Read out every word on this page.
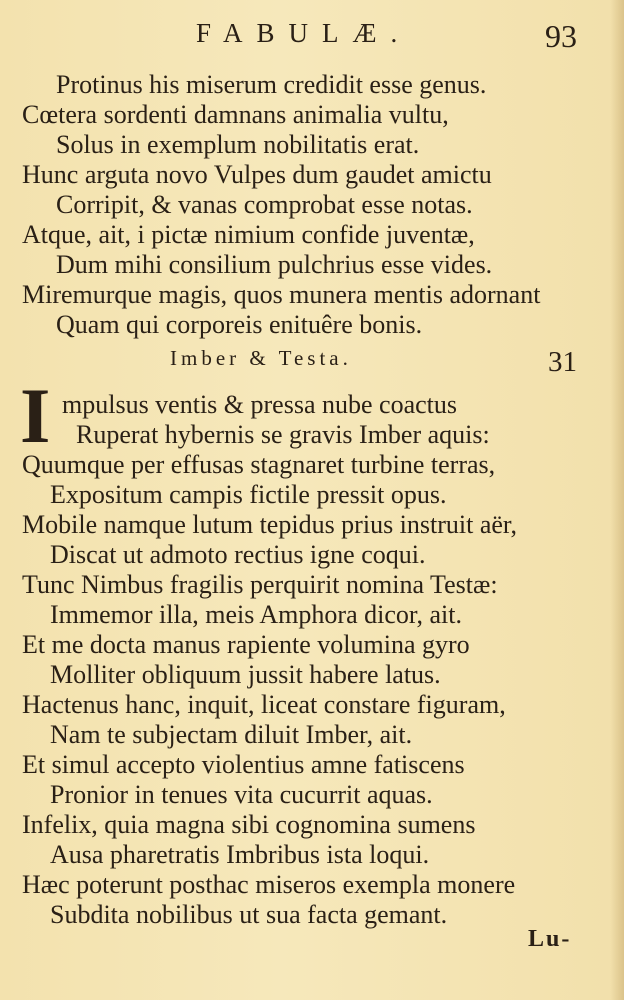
FABULÆ.	93
Protinus his miserum credidit esse genus.
Cœtera sordenti damnans animalia vultu,
Solus in exemplum nobilitatis erat.
Hunc arguta novo Vulpes dum gaudet amictu
Corripit, & vanas comprobat esse notas.
Atque, ait, i pictæ nimium confide juventæ,
Dum mihi consilium pulchrius esse vides.
Miremurque magis, quos munera mentis adornant
Quam qui corporeis enituêre bonis.
Imber & Testa.	31
I mpulsus ventis & pressa nube coactus
Ruperat hybernis se gravis Imber aquis:
Quumque per effusas stagnaret turbine terras,
Expositum campis fictile pressit opus.
Mobile namque lutum tepidus prius instruit aër,
Discat ut admoto rectius igne coqui.
Tunc Nimbus fragilis perquirit nomina Testæ:
Immemor illa, meis Amphora dicor, ait.
Et me docta manus rapiente volumina gyro
Molliter obliquum jussit habere latus.
Hactenus hanc, inquit, liceat constare figuram,
Nam te subjectam diluit Imber, ait.
Et simul accepto violentius amne fatiscens
Pronior in tenues vita cucurrit aquas.
Infelix, quia magna sibi cognomina sumens
Ausa pharetratis Imbribus ista loqui.
Hæc poterunt posthac miseros exempla monere
Subdita nobilibus ut sua facta gemant.
Lu-
